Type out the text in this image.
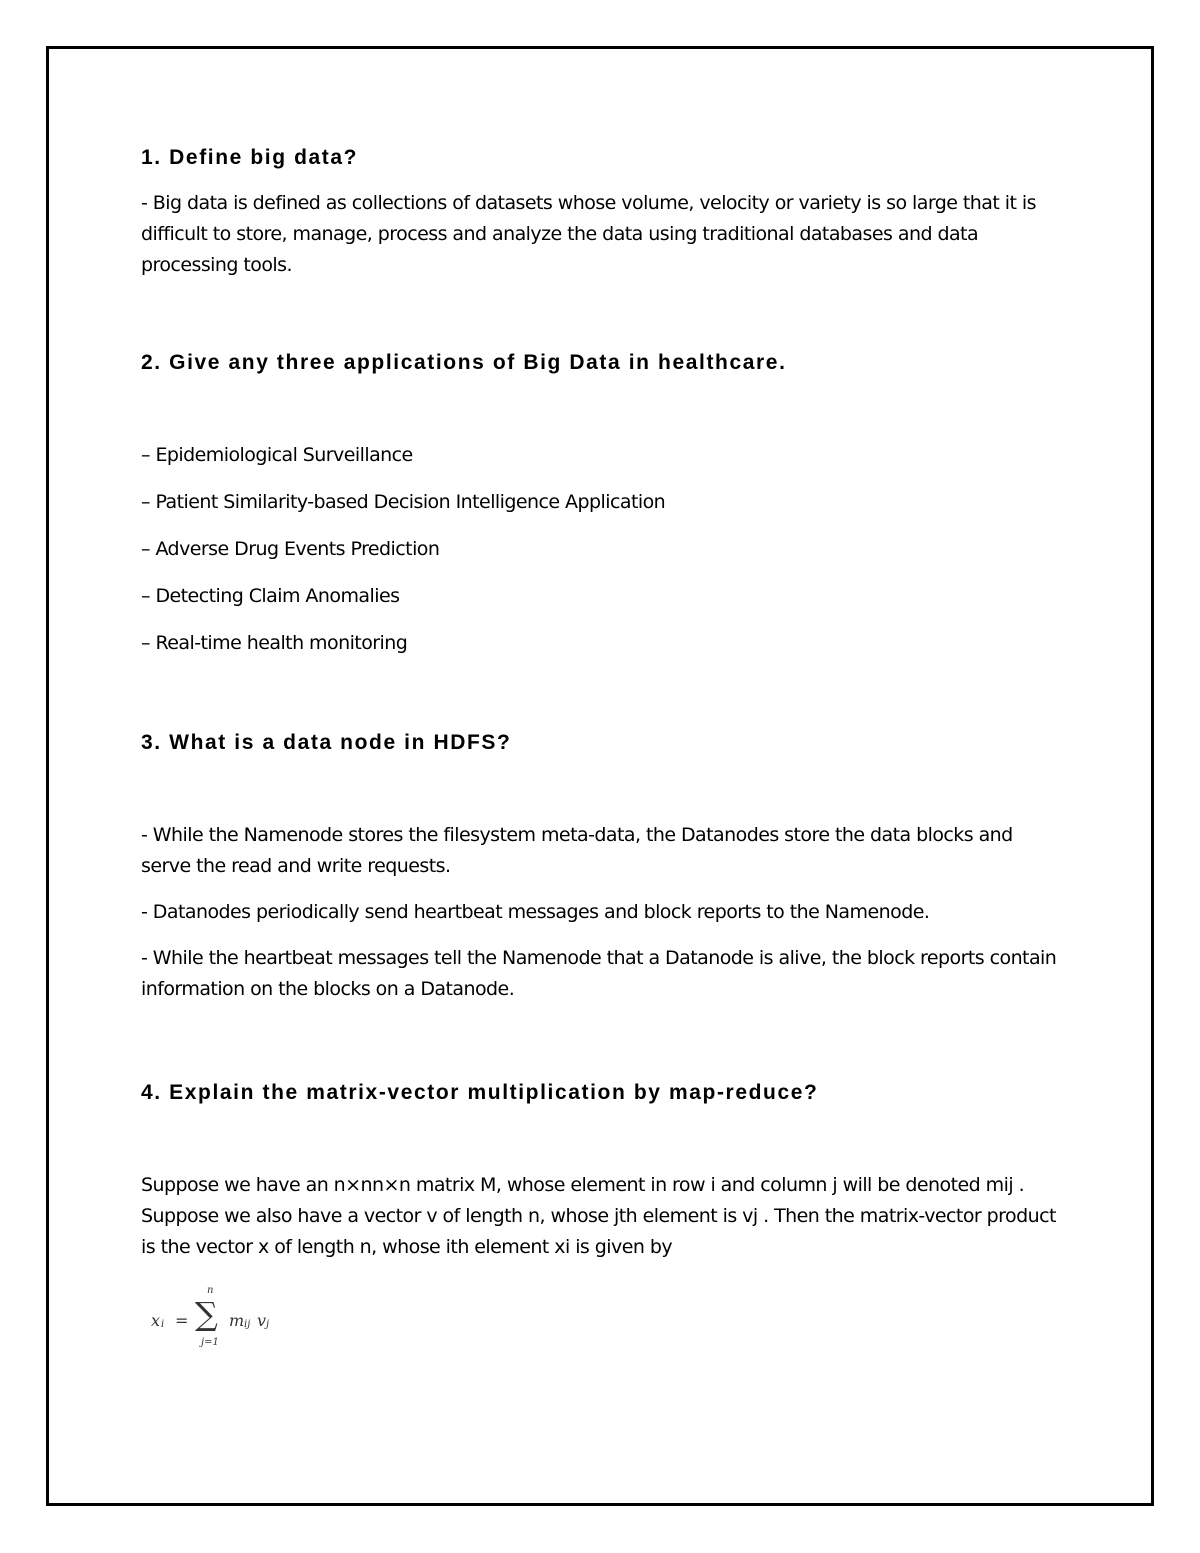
1. Define big data?

- Big data is defined as collections of datasets whose volume, velocity or variety is so large that it is difficult to store, manage, process and analyze the data using traditional databases and data processing tools.

2. Give any three applications of Big Data in healthcare.

– Epidemiological Surveillance

– Patient Similarity-based Decision Intelligence Application

– Adverse Drug Events Prediction

– Detecting Claim Anomalies

– Real-time health monitoring

3. What is a data node in HDFS?

- While the Namenode stores the filesystem meta-data, the Datanodes store the data blocks and serve the read and write requests.

- Datanodes periodically send heartbeat messages and block reports to the Namenode.

- While the heartbeat messages tell the Namenode that a Datanode is alive, the block reports contain information on the blocks on a Datanode.

4. Explain the matrix-vector multiplication by map-reduce?

Suppose we have an n×nn×n matrix M, whose element in row i and column j will be denoted mij . Suppose we also have a vector v of length n, whose jth element is vj . Then the matrix-vector product is the vector x of length n, whose ith element xi is given by

x i =
n
∑
j=1
m ij v j
